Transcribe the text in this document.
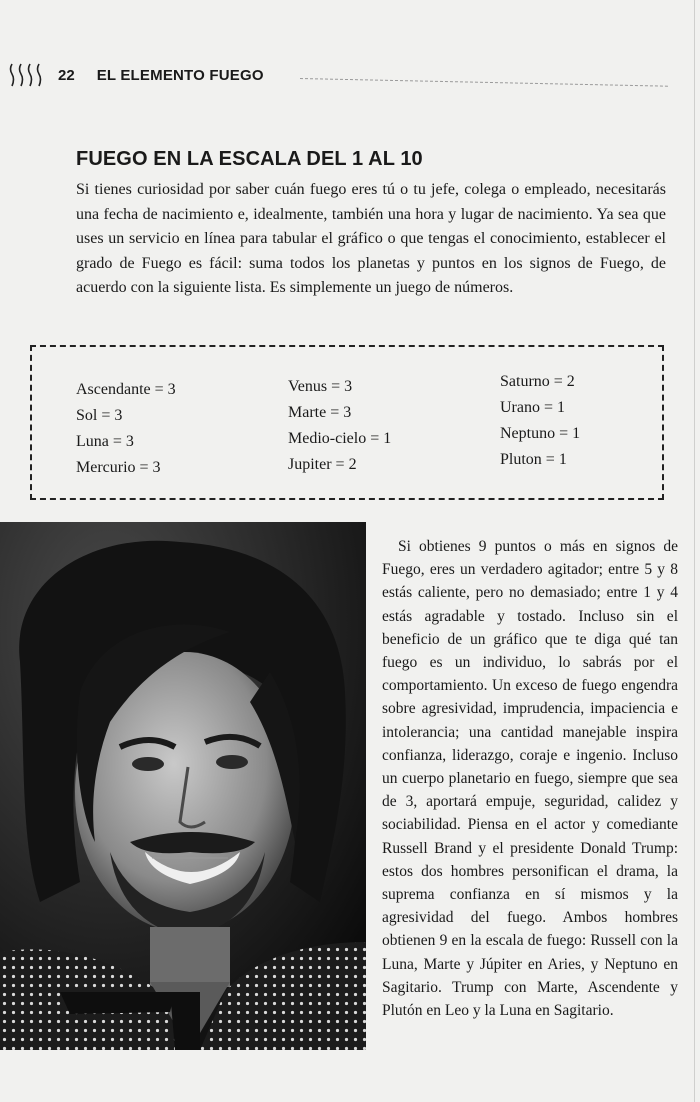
22 EL ELEMENTO FUEGO
FUEGO EN LA ESCALA DEL 1 AL 10

Si tienes curiosidad por saber cuán fuego eres tú o tu jefe, colega o empleado, necesitarás una fecha de nacimiento e, idealmente, también una hora y lugar de nacimiento. Ya sea que uses un servicio en línea para tabular el gráfico o que tengas el conocimiento, establecer el grado de Fuego es fácil: suma todos los planetas y puntos en los signos de Fuego, de acuerdo con la siguiente lista. Es simplemente un juego de números.

Ascendante = 3
Sol = 3
Luna = 3
Mercurio = 3
Venus = 3
Marte = 3
Medio-cielo = 1
Jupiter = 2
Saturno = 2
Urano = 1
Neptuno = 1
Pluton = 1

Si obtienes 9 puntos o más en signos de Fuego, eres un verdadero agitador; entre 5 y 8 estás caliente, pero no demasiado; entre 1 y 4 estás agradable y tostado. Incluso sin el beneficio de un gráfico que te diga qué tan fuego es un individuo, lo sabrás por el comportamiento. Un exceso de fuego engendra sobre agresividad, imprudencia, impaciencia e intolerancia; una cantidad manejable inspira confianza, liderazgo, coraje e ingenio. Incluso un cuerpo planetario en fuego, siempre que sea de 3, aportará empuje, seguridad, calidez y sociabilidad. Piensa en el actor y comediante Russell Brand y el presidente Donald Trump: estos dos hombres personifican el drama, la suprema confianza en sí mismos y la agresividad del fuego. Ambos hombres obtienen 9 en la escala de fuego: Russell con la Luna, Marte y Júpiter en Aries, y Neptuno en Sagitario. Trump con Marte, Ascendente y Plutón en Leo y la Luna en Sagitario.
